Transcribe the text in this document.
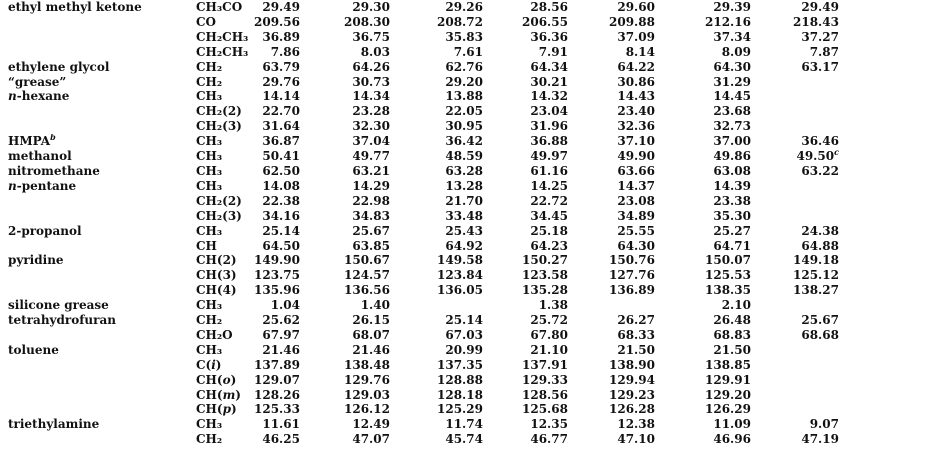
ethyl methyl ketone	CH₃CO	29.49	29.30	29.26	28.56	29.60	29.39	29.49
	CO	209.56	208.30	208.72	206.55	209.88	212.16	218.43
	CH₂CH₃	36.89	36.75	35.83	36.36	37.09	37.34	37.27
	CH₂CH₃	7.86	8.03	7.61	7.91	8.14	8.09	7.87
ethylene glycol	CH₂	63.79	64.26	62.76	64.34	64.22	64.30	63.17
“grease”	CH₂	29.76	30.73	29.20	30.21	30.86	31.29	
n-hexane	CH₃	14.14	14.34	13.88	14.32	14.43	14.45	
	CH₂(2)	22.70	23.28	22.05	23.04	23.40	23.68	
	CH₂(3)	31.64	32.30	30.95	31.96	32.36	32.73	
HMPA$^b$	CH₃	36.87	37.04	36.42	36.88	37.10	37.00	36.46
methanol	CH₃	50.41	49.77	48.59	49.97	49.90	49.86	49.50$^c$
nitromethane	CH₃	62.50	63.21	63.28	61.16	63.66	63.08	63.22
n-pentane	CH₃	14.08	14.29	13.28	14.25	14.37	14.39	
	CH₂(2)	22.38	22.98	21.70	22.72	23.08	23.38	
	CH₂(3)	34.16	34.83	33.48	34.45	34.89	35.30	
2-propanol	CH₃	25.14	25.67	25.43	25.18	25.55	25.27	24.38
	CH	64.50	63.85	64.92	64.23	64.30	64.71	64.88
pyridine	CH(2)	149.90	150.67	149.58	150.27	150.76	150.07	149.18
	CH(3)	123.75	124.57	123.84	123.58	127.76	125.53	125.12
	CH(4)	135.96	136.56	136.05	135.28	136.89	138.35	138.27
silicone grease	CH₃	1.04	1.40		1.38		2.10	
tetrahydrofuran	CH₂	25.62	26.15	25.14	25.72	26.27	26.48	25.67
	CH₂O	67.97	68.07	67.03	67.80	68.33	68.83	68.68
toluene	CH₃	21.46	21.46	20.99	21.10	21.50	21.50	
	C(i)	137.89	138.48	137.35	137.91	138.90	138.85	
	CH(o)	129.07	129.76	128.88	129.33	129.94	129.91	
	CH(m)	128.26	129.03	128.18	128.56	129.23	129.20	
	CH(p)	125.33	126.12	125.29	125.68	126.28	126.29	
triethylamine	CH₃	11.61	12.49	11.74	12.35	12.38	11.09	9.07
	CH₂	46.25	47.07	45.74	46.77	47.10	46.96	47.19
